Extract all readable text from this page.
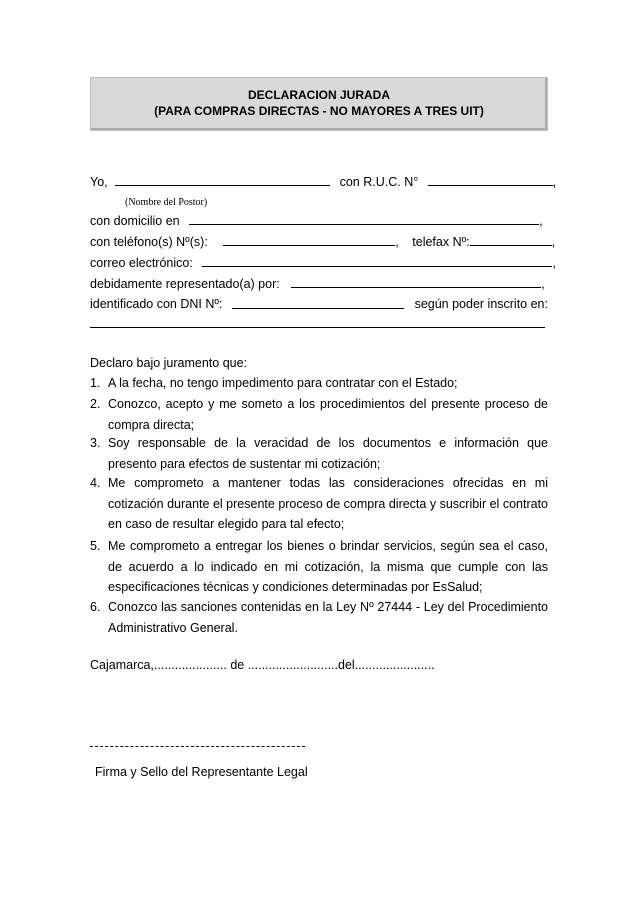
DECLARACION JURADA
(PARA COMPRAS DIRECTAS - NO MAYORES A TRES UIT)
Yo,	con R.U.C. N°	,
(Nombre del Postor)
con domicilio en	,
con teléfono(s) Nº(s):	, telefax Nº:	,
correo electrónico:	,
debidamente representado(a) por:	,
identificado con DNI Nº:	según poder inscrito en:
Declaro bajo juramento que:
1. A la fecha, no tengo impedimento para contratar con el Estado;
2. Conozco, acepto y me someto a los procedimientos del presente proceso de compra directa;
3. Soy responsable de la veracidad de los documentos e información que presento para efectos de sustentar mi cotización;
4. Me comprometo a mantener todas las consideraciones ofrecidas en mi cotización durante el presente proceso de compra directa y suscribir el contrato en caso de resultar elegido para tal efecto;
5. Me comprometo a entregar los bienes o brindar servicios, según sea el caso, de acuerdo a lo indicado en mi cotización, la misma que cumple con las especificaciones técnicas y condiciones determinadas por EsSalud;
6. Conozco las sanciones contenidas en la Ley Nº 27444 - Ley del Procedimiento Administrativo General.
Cajamarca,..................... de ..........................del.......................
Firma y Sello del Representante Legal
